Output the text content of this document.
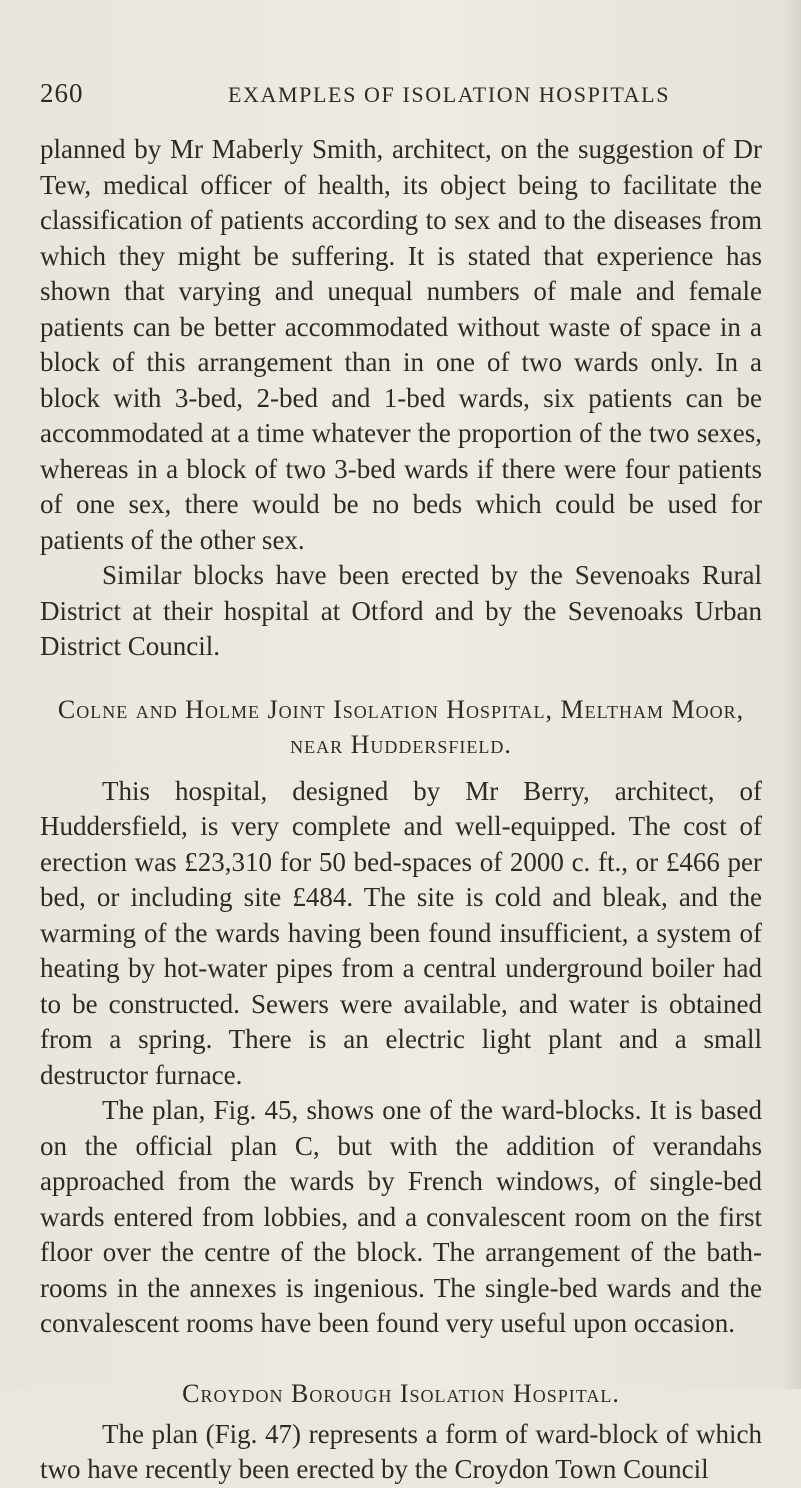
260	EXAMPLES OF ISOLATION HOSPITALS

planned by Mr Maberly Smith, architect, on the suggestion of Dr Tew, medical officer of health, its object being to facilitate the classification of patients according to sex and to the diseases from which they might be suffering. It is stated that experience has shown that varying and unequal numbers of male and female patients can be better accommodated without waste of space in a block of this arrangement than in one of two wards only. In a block with 3-bed, 2-bed and 1-bed wards, six patients can be accommodated at a time whatever the proportion of the two sexes, whereas in a block of two 3-bed wards if there were four patients of one sex, there would be no beds which could be used for patients of the other sex.

Similar blocks have been erected by the Sevenoaks Rural District at their hospital at Otford and by the Sevenoaks Urban District Council.

Colne and Holme Joint Isolation Hospital, Meltham Moor, near Huddersfield.

This hospital, designed by Mr Berry, architect, of Huddersfield, is very complete and well-equipped. The cost of erection was £23,310 for 50 bed-spaces of 2000 c. ft., or £466 per bed, or including site £484. The site is cold and bleak, and the warming of the wards having been found insufficient, a system of heating by hot-water pipes from a central underground boiler had to be constructed. Sewers were available, and water is obtained from a spring. There is an electric light plant and a small destructor furnace.

The plan, Fig. 45, shows one of the ward-blocks. It is based on the official plan C, but with the addition of verandahs approached from the wards by French windows, of single-bed wards entered from lobbies, and a convalescent room on the first floor over the centre of the block. The arrangement of the bath-rooms in the annexes is ingenious. The single-bed wards and the convalescent rooms have been found very useful upon occasion.

Croydon Borough Isolation Hospital.

The plan (Fig. 47) represents a form of ward-block of which two have recently been erected by the Croydon Town Council
